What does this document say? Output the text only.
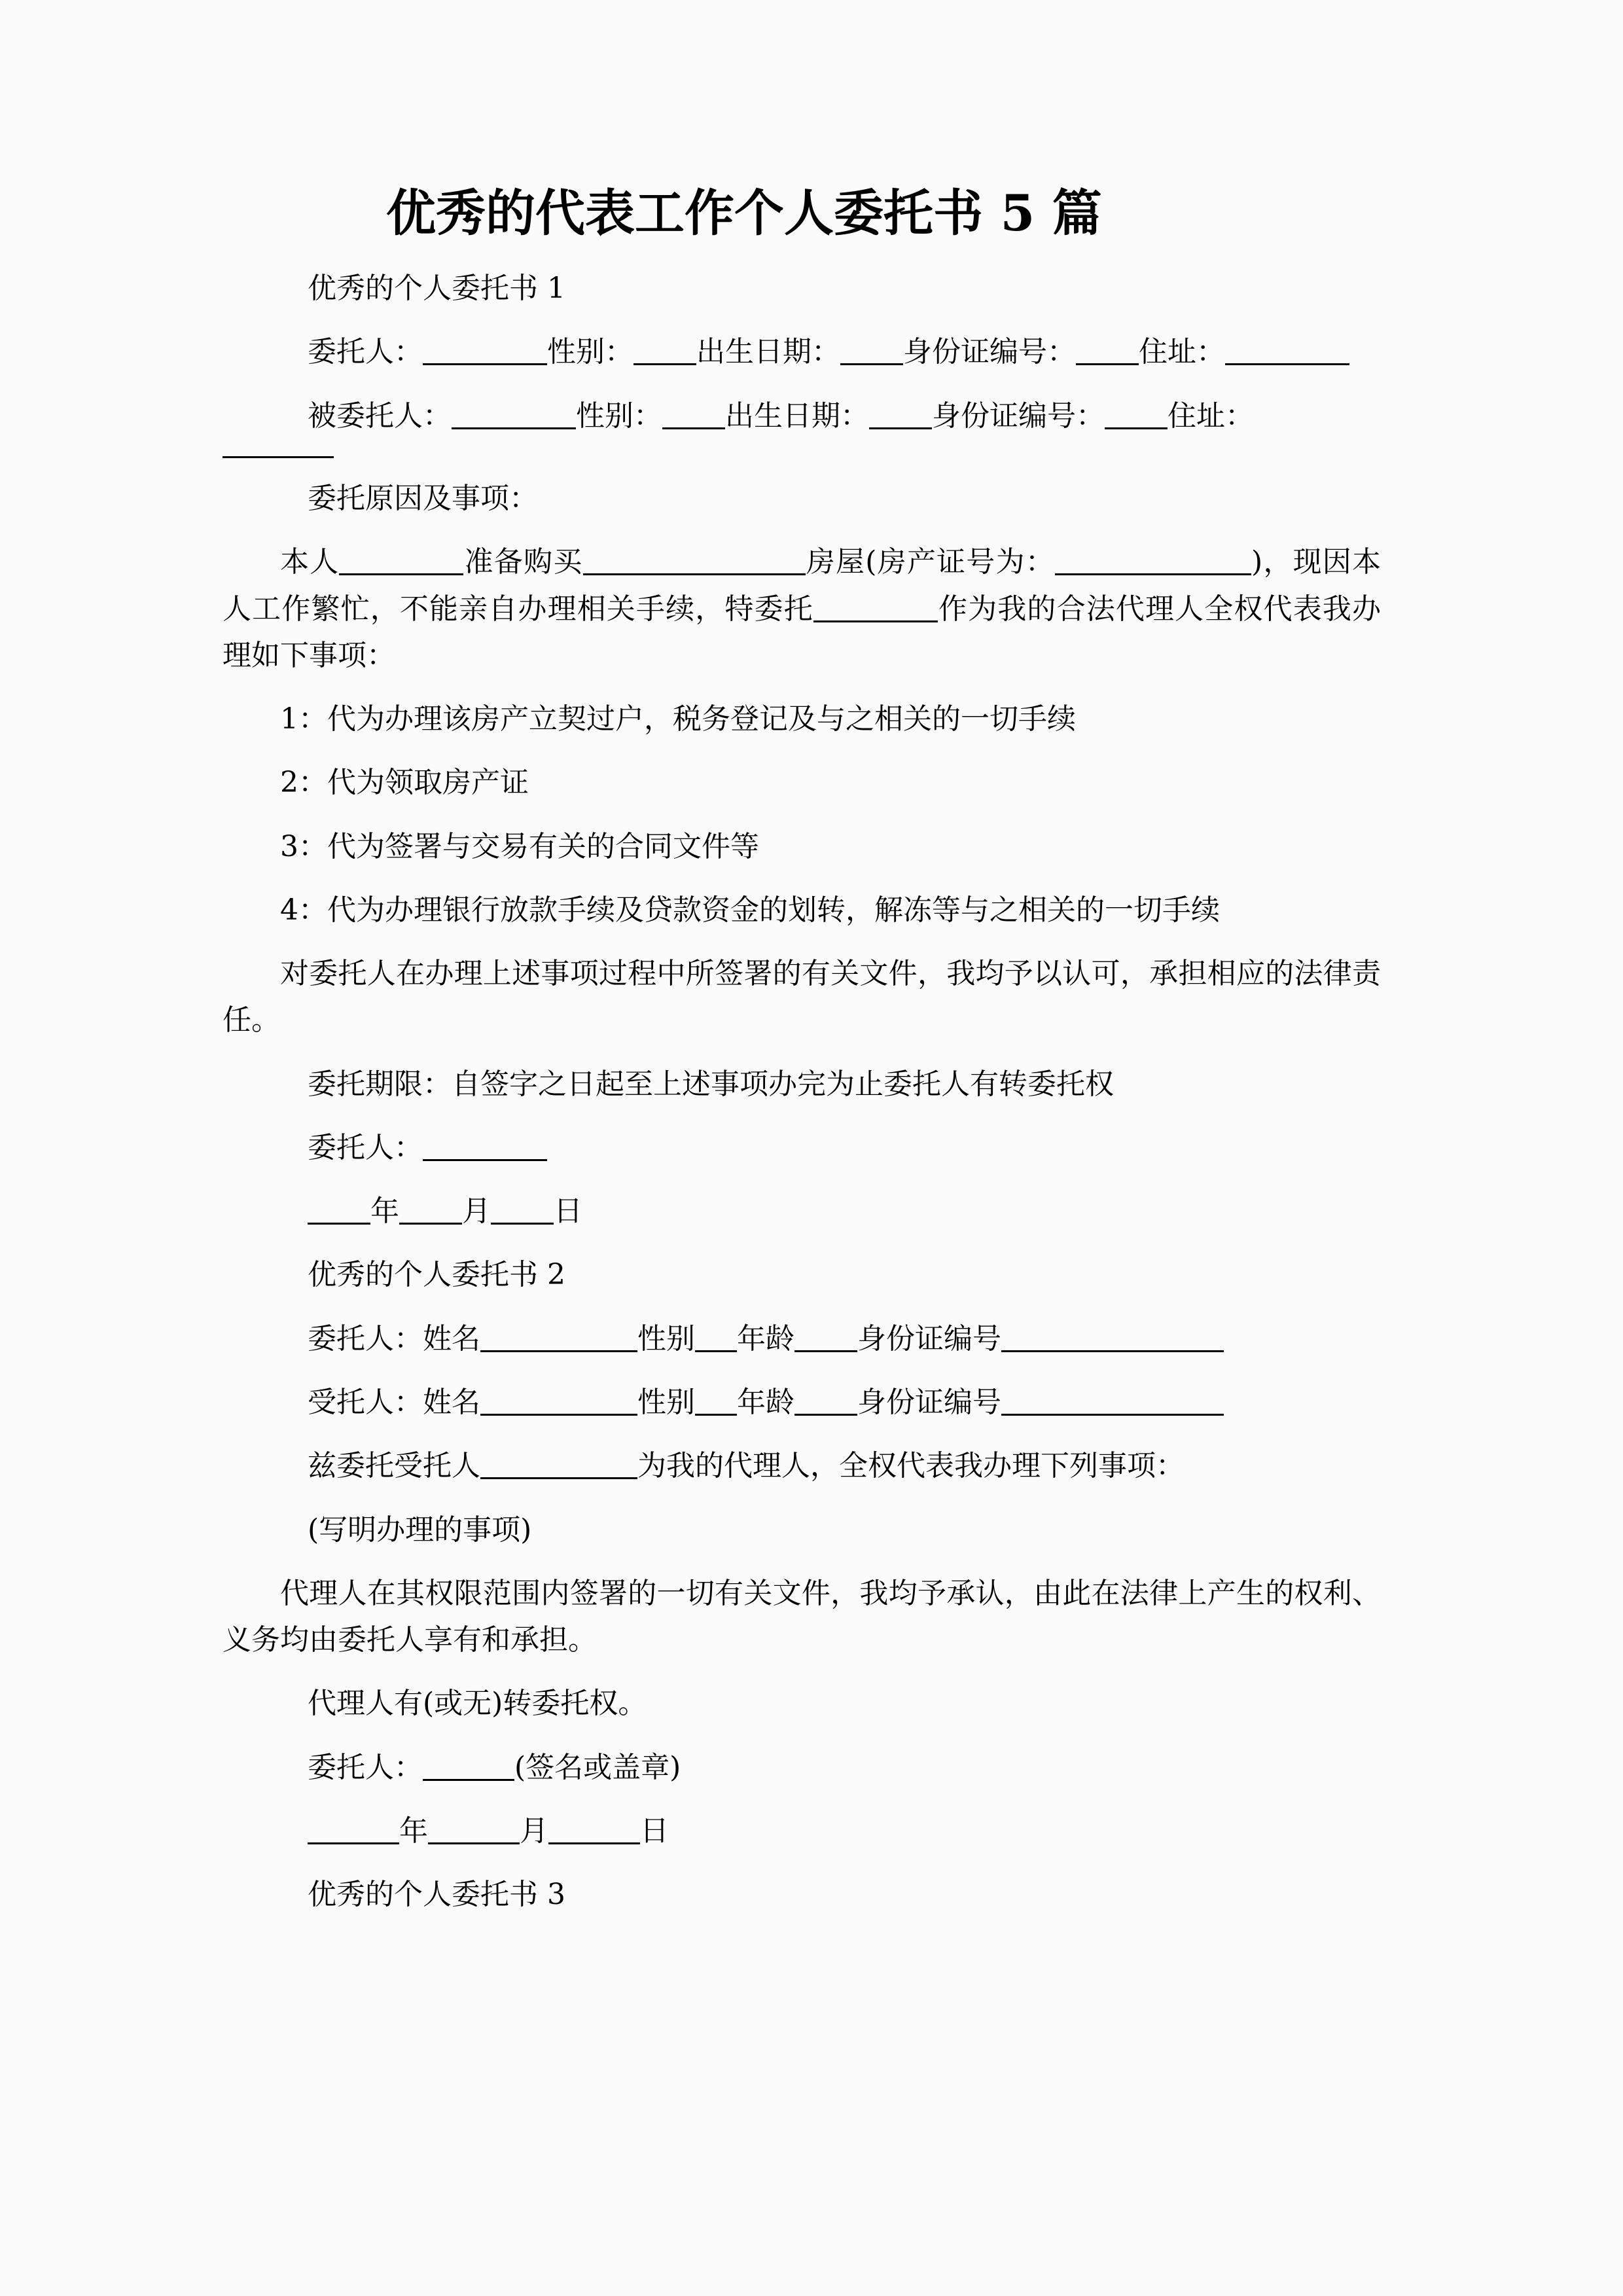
优秀的代表工作个人委托书 5 篇

优秀的个人委托书 1

委托人：	性别： 出生日期： 身份证编号： 住址：

被委托人：	性别： 出生日期： 身份证编号： 住址：

委托原因及事项：

本人	准备购买	房屋(房产证号为：	)，现因本人工作繁忙，不能亲自办理相关手续，特委托	作为我的合法代理人全权代表我办理如下事项：

1：代为办理该房产立契过户，税务登记及与之相关的一切手续

2：代为领取房产证

3：代为签署与交易有关的合同文件等

4：代为办理银行放款手续及贷款资金的划转，解冻等与之相关的一切手续

对委托人在办理上述事项过程中所签署的有关文件，我均予以认可，承担相应的法律责任。

委托期限：自签字之日起至上述事项办完为止委托人有转委托权

委托人：

年 月 日

优秀的个人委托书 2

委托人：姓名	性别 年龄 身份证编号

受托人：姓名	性别 年龄 身份证编号

兹委托受托人	为我的代理人，全权代表我办理下列事项：

(写明办理的事项)

代理人在其权限范围内签署的一切有关文件，我均予承认，由此在法律上产生的权利、义务均由委托人享有和承担。

代理人有(或无)转委托权。

委托人：	(签名或盖章)

年	月	日

优秀的个人委托书 3
